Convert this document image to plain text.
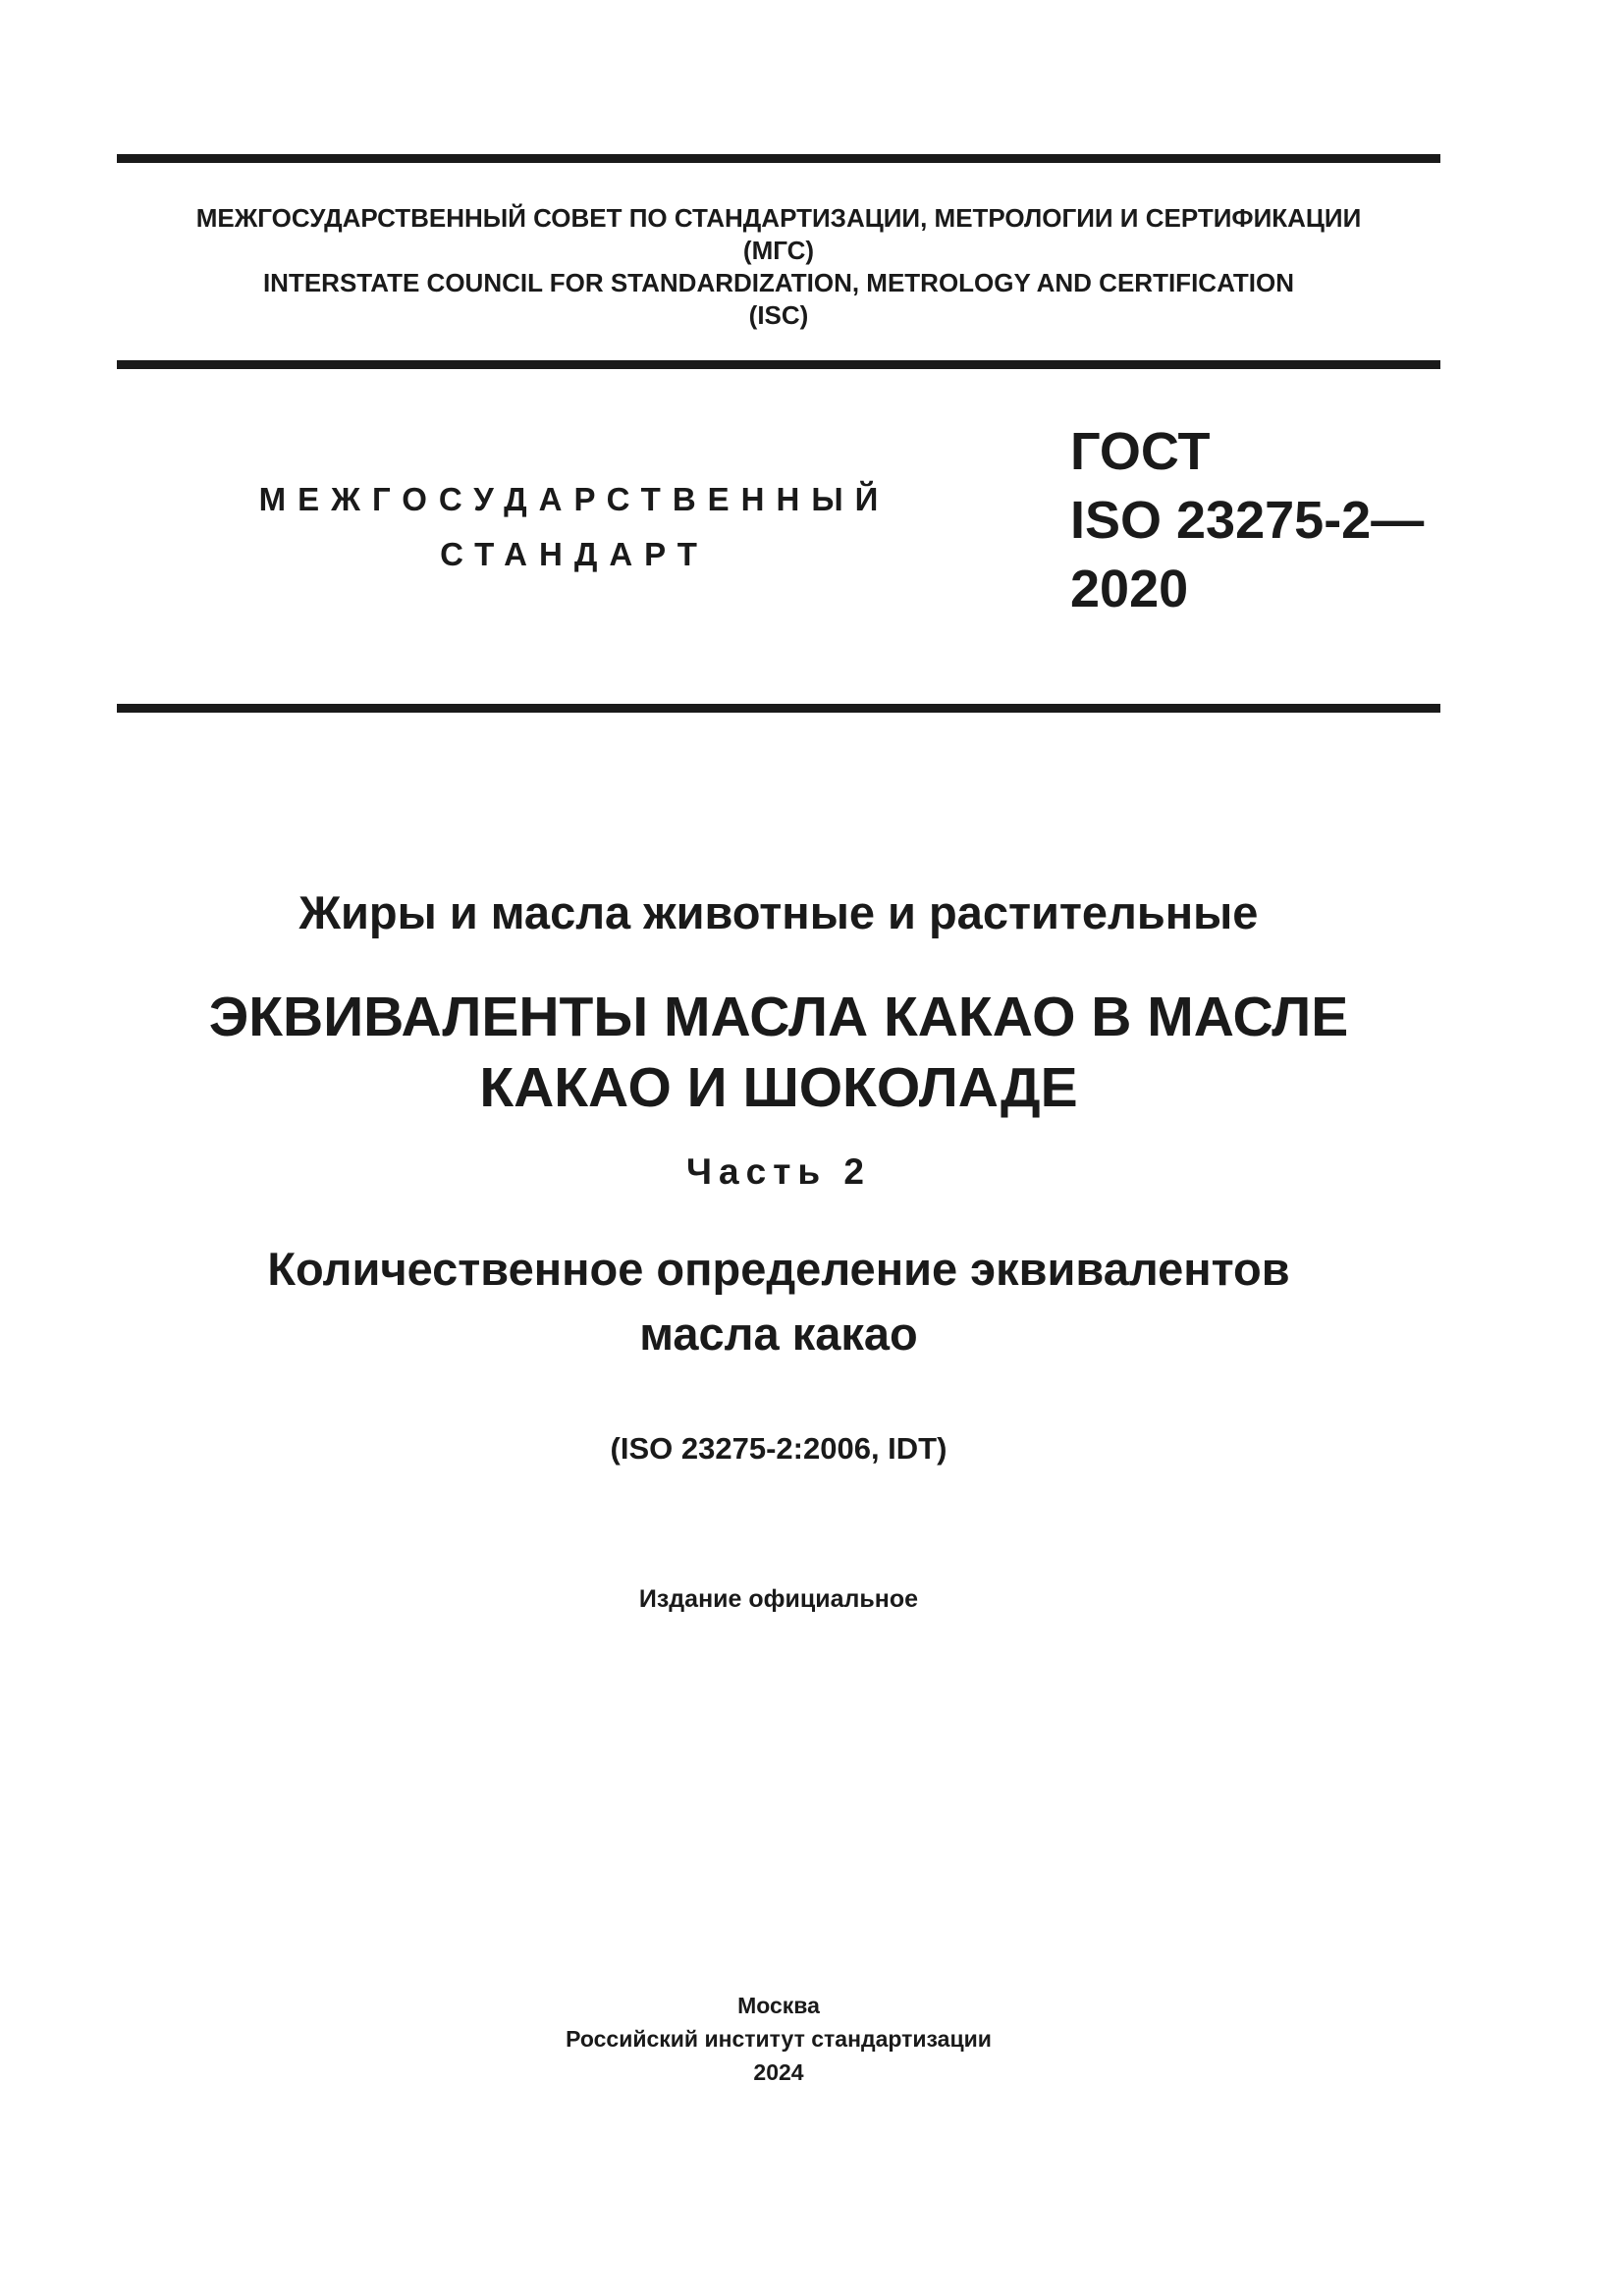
МЕЖГОСУДАРСТВЕННЫЙ СОВЕТ ПО СТАНДАРТИЗАЦИИ, МЕТРОЛОГИИ И СЕРТИФИКАЦИИ
(МГС)
INTERSTATE COUNCIL FOR STANDARDIZATION, METROLOGY AND CERTIFICATION
(ISC)
МЕЖГОСУДАРСТВЕННЫЙ
СТАНДАРТ
ГОСТ
ISO 23275-2—
2020
Жиры и масла животные и растительные
ЭКВИВАЛЕНТЫ МАСЛА КАКАО В МАСЛЕ
КАКАО И ШОКОЛАДЕ
Часть 2
Количественное определение эквивалентов
масла какао
(ISO 23275-2:2006, IDT)
Издание официальное
Москва
Российский институт стандартизации
2024
